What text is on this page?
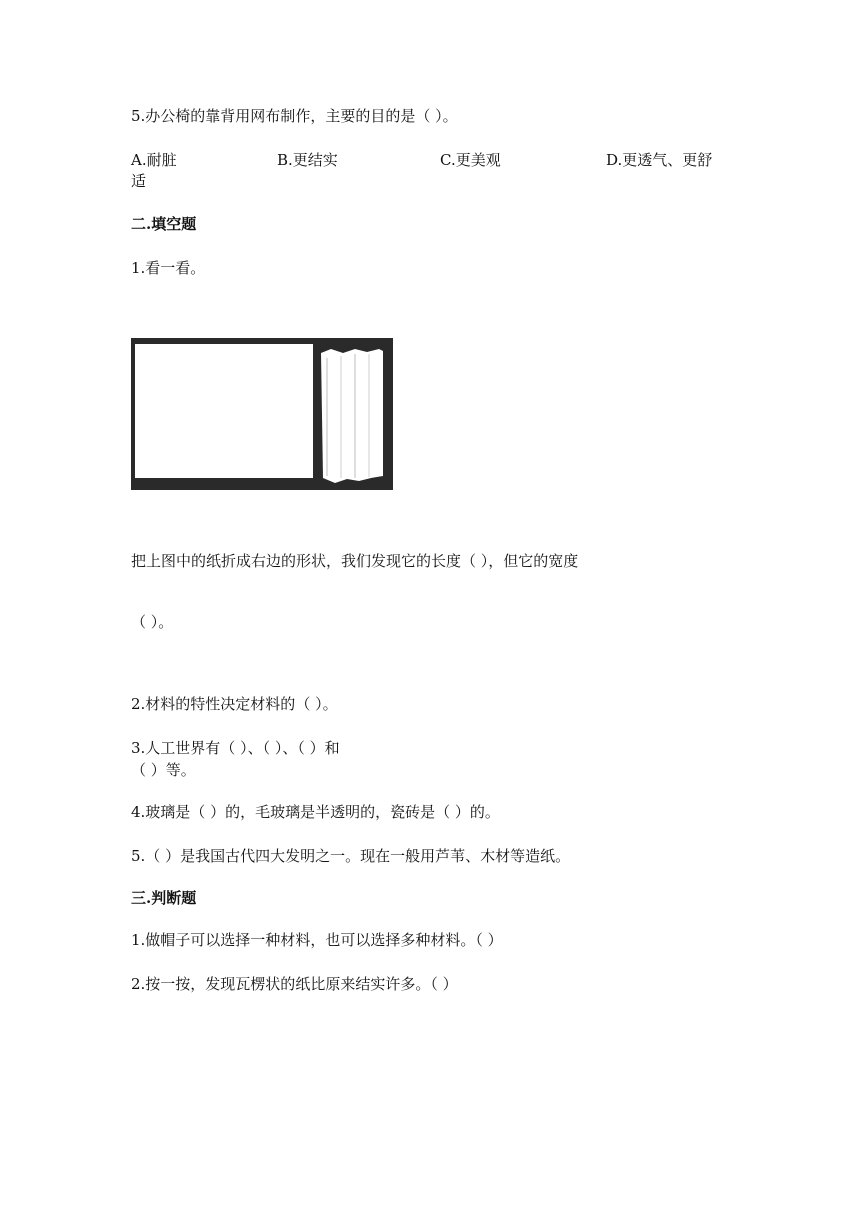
5.办公椅的靠背用网布制作，主要的目的是（ ）。
A.耐脏	B.更结实	C.更美观	D.更透气、更舒
适
二.填空题
1.看一看。
把上图中的纸折成右边的形状，我们发现它的长度（ ），但它的宽度
（ ）。
2.材料的特性决定材料的（ ）。
3.人工世界有（ ）、（ ）、（ ）和
（ ）等。
4.玻璃是（ ）的，毛玻璃是半透明的，瓷砖是（ ）的。
5.（ ）是我国古代四大发明之一。现在一般用芦苇、木材等造纸。
三.判断题
1.做帽子可以选择一种材料，也可以选择多种材料。（ ）
2.按一按，发现瓦楞状的纸比原来结实许多。（ ）
